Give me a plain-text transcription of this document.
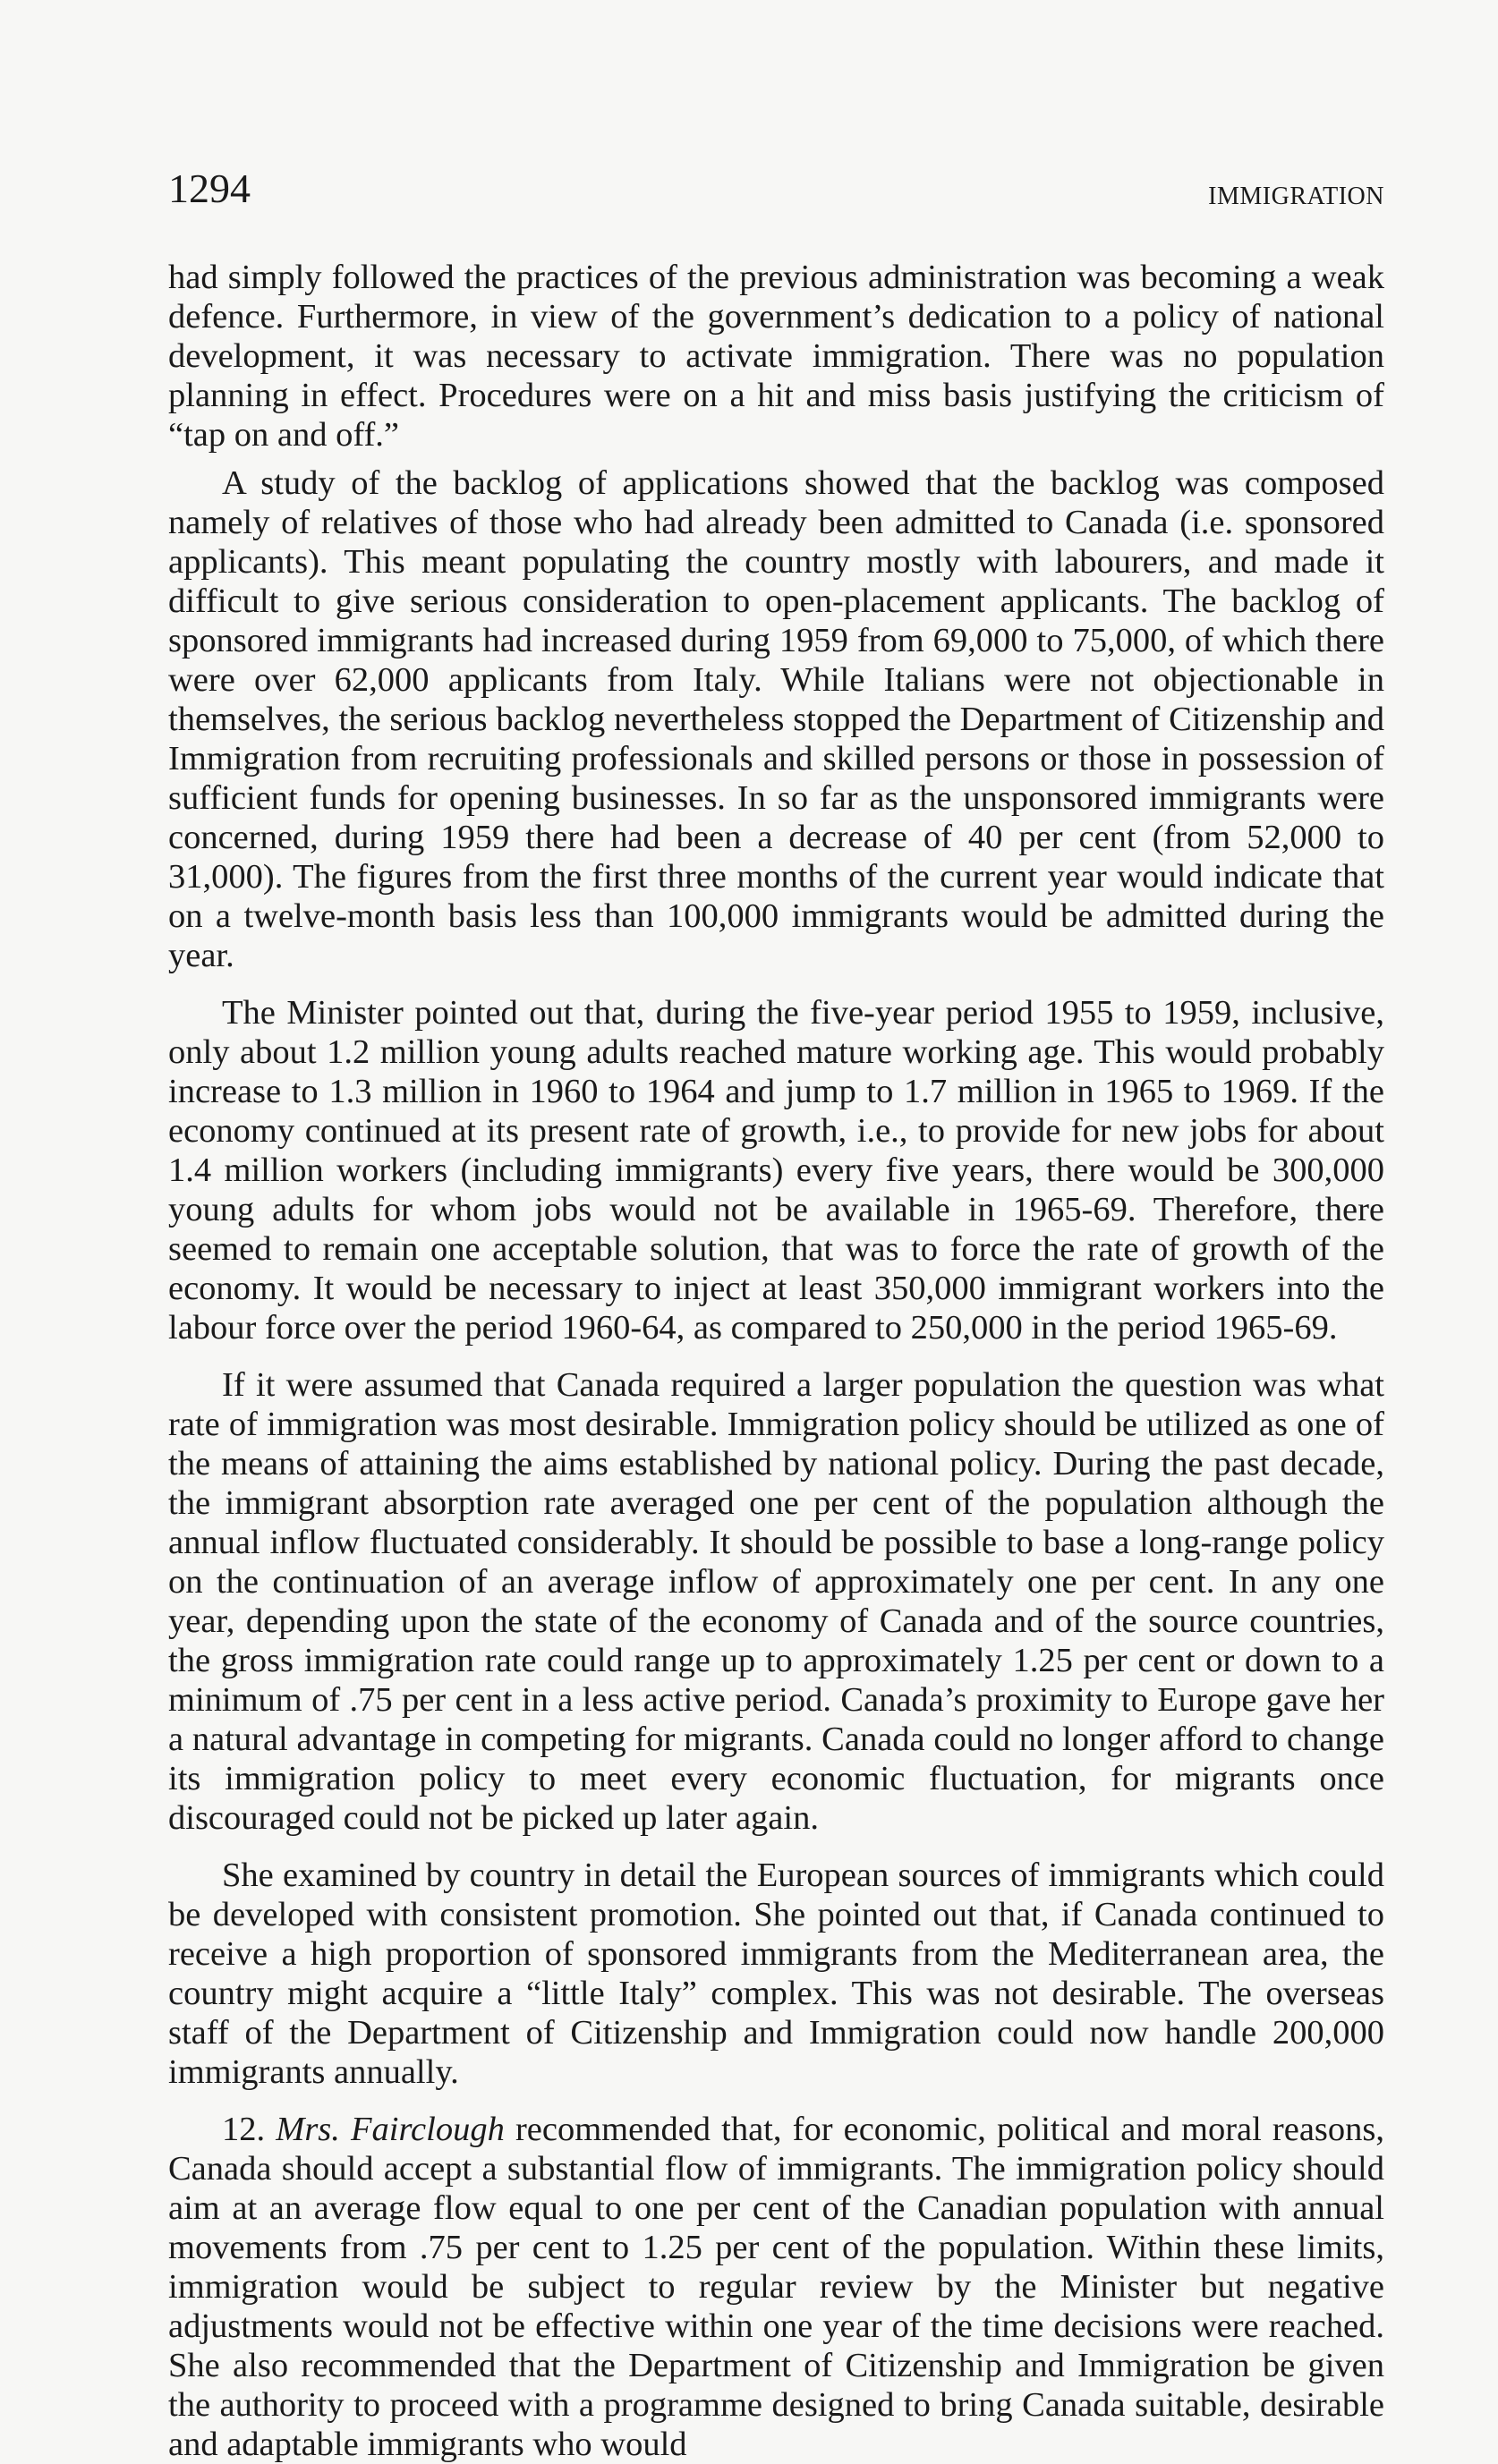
1294	IMMIGRATION

had simply followed the practices of the previous administration was becoming a weak defence. Furthermore, in view of the government’s dedication to a policy of national development, it was necessary to activate immigration. There was no population planning in effect. Procedures were on a hit and miss basis justifying the criticism of “tap on and off.”

A study of the backlog of applications showed that the backlog was composed namely of relatives of those who had already been admitted to Canada (i.e. sponsored applicants). This meant populating the country mostly with labourers, and made it difficult to give serious consideration to open-placement applicants. The backlog of sponsored immigrants had increased during 1959 from 69,000 to 75,000, of which there were over 62,000 applicants from Italy. While Italians were not objectionable in themselves, the serious backlog nevertheless stopped the Department of Citizenship and Immigration from recruiting professionals and skilled persons or those in possession of sufficient funds for opening businesses. In so far as the unsponsored immigrants were concerned, during 1959 there had been a decrease of 40 per cent (from 52,000 to 31,000). The figures from the first three months of the current year would indicate that on a twelve-month basis less than 100,000 immigrants would be admitted during the year.

The Minister pointed out that, during the five-year period 1955 to 1959, inclusive, only about 1.2 million young adults reached mature working age. This would probably increase to 1.3 million in 1960 to 1964 and jump to 1.7 million in 1965 to 1969. If the economy continued at its present rate of growth, i.e., to provide for new jobs for about 1.4 million workers (including immigrants) every five years, there would be 300,000 young adults for whom jobs would not be available in 1965-69. Therefore, there seemed to remain one acceptable solution, that was to force the rate of growth of the economy. It would be necessary to inject at least 350,000 immigrant workers into the labour force over the period 1960-64, as compared to 250,000 in the period 1965-69.

If it were assumed that Canada required a larger population the question was what rate of immigration was most desirable. Immigration policy should be utilized as one of the means of attaining the aims established by national policy. During the past decade, the immigrant absorption rate averaged one per cent of the population although the annual inflow fluctuated considerably. It should be possible to base a long-range policy on the continuation of an average inflow of approximately one per cent. In any one year, depending upon the state of the economy of Canada and of the source countries, the gross immigration rate could range up to approximately 1.25 per cent or down to a minimum of .75 per cent in a less active period. Canada’s proximity to Europe gave her a natural advantage in competing for migrants. Canada could no longer afford to change its immigration policy to meet every economic fluctuation, for migrants once discouraged could not be picked up later again.

She examined by country in detail the European sources of immigrants which could be developed with consistent promotion. She pointed out that, if Canada continued to receive a high proportion of sponsored immigrants from the Mediterranean area, the country might acquire a “little Italy” complex. This was not desirable. The overseas staff of the Department of Citizenship and Immigration could now handle 200,000 immigrants annually.

12. Mrs. Fairclough recommended that, for economic, political and moral reasons, Canada should accept a substantial flow of immigrants. The immigration policy should aim at an average flow equal to one per cent of the Canadian population with annual movements from .75 per cent to 1.25 per cent of the population. Within these limits, immigration would be subject to regular review by the Minister but negative adjustments would not be effective within one year of the time decisions were reached. She also recommended that the Department of Citizenship and Immigration be given the authority to proceed with a programme designed to bring Canada suitable, desirable and adaptable immigrants who would
